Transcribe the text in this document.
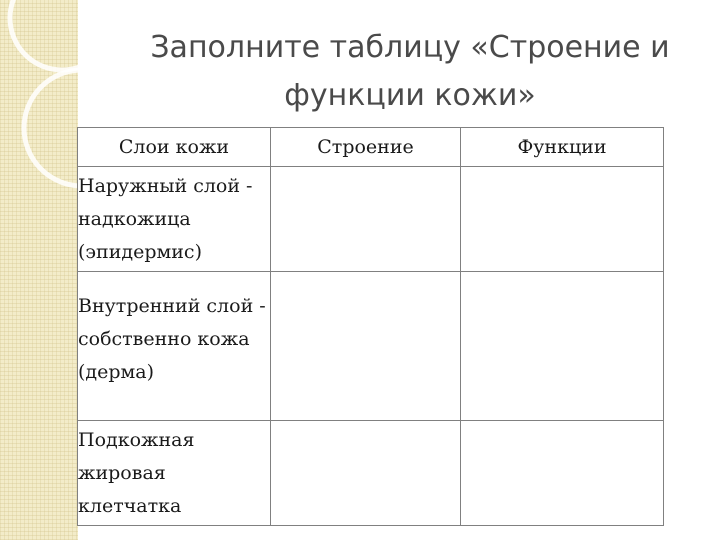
Заполните таблицу «Строение и функции кожи»
Слои кожи	Строение	Функции
Наружный слой - надкожица (эпидермис)		
Внутренний слой - собственно кожа (дерма)		
Подкожная жировая клетчатка		
